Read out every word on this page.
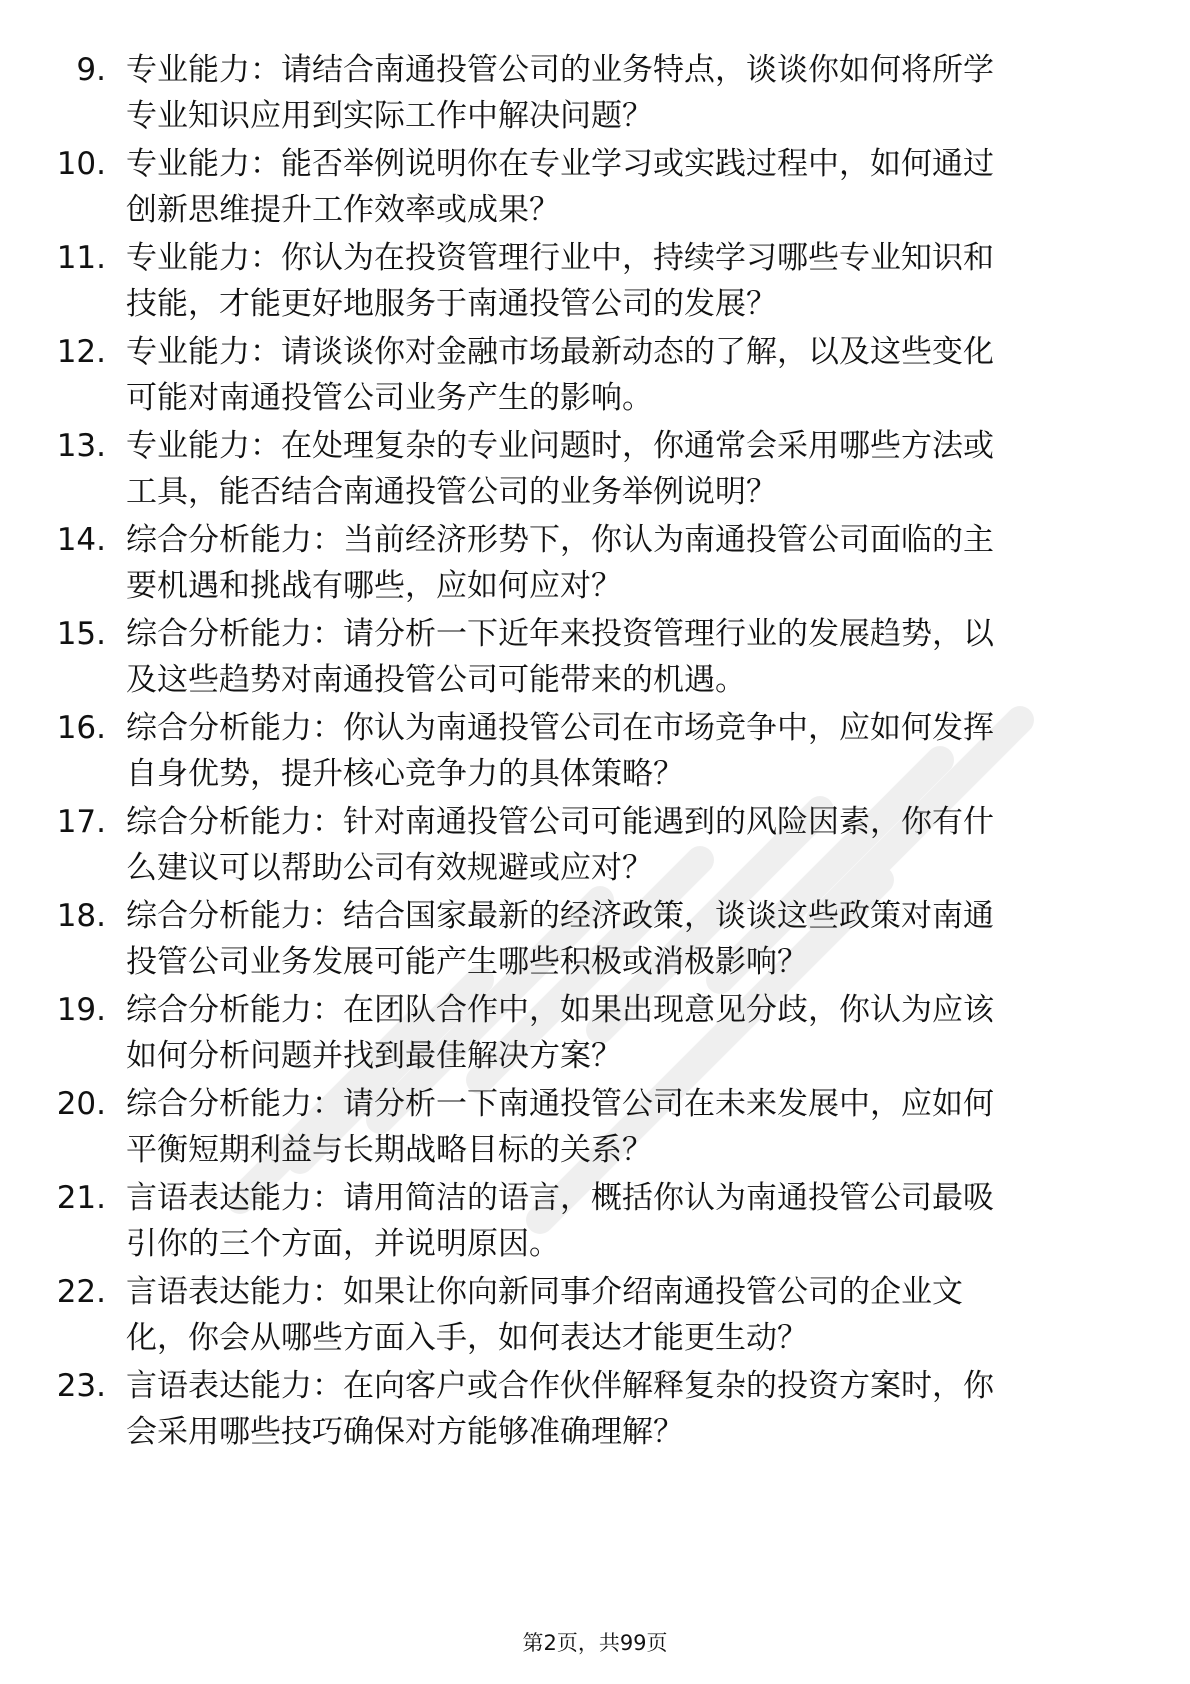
9. 专业能力：请结合南通投管公司的业务特点，谈谈你如何将所学
专业知识应用到实际工作中解决问题？
10. 专业能力：能否举例说明你在专业学习或实践过程中，如何通过
创新思维提升工作效率或成果？
11. 专业能力：你认为在投资管理行业中，持续学习哪些专业知识和
技能，才能更好地服务于南通投管公司的发展？
12. 专业能力：请谈谈你对金融市场最新动态的了解，以及这些变化
可能对南通投管公司业务产生的影响。
13. 专业能力：在处理复杂的专业问题时，你通常会采用哪些方法或
工具，能否结合南通投管公司的业务举例说明？
14. 综合分析能力：当前经济形势下，你认为南通投管公司面临的主
要机遇和挑战有哪些，应如何应对？
15. 综合分析能力：请分析一下近年来投资管理行业的发展趋势，以
及这些趋势对南通投管公司可能带来的机遇。
16. 综合分析能力：你认为南通投管公司在市场竞争中，应如何发挥
自身优势，提升核心竞争力的具体策略？
17. 综合分析能力：针对南通投管公司可能遇到的风险因素，你有什
么建议可以帮助公司有效规避或应对？
18. 综合分析能力：结合国家最新的经济政策，谈谈这些政策对南通
投管公司业务发展可能产生哪些积极或消极影响？
19. 综合分析能力：在团队合作中，如果出现意见分歧，你认为应该
如何分析问题并找到最佳解决方案？
20. 综合分析能力：请分析一下南通投管公司在未来发展中，应如何
平衡短期利益与长期战略目标的关系？
21. 言语表达能力：请用简洁的语言，概括你认为南通投管公司最吸
引你的三个方面，并说明原因。
22. 言语表达能力：如果让你向新同事介绍南通投管公司的企业文
化，你会从哪些方面入手，如何表达才能更生动？
23. 言语表达能力：在向客户或合作伙伴解释复杂的投资方案时，你
会采用哪些技巧确保对方能够准确理解？
第2页，共99页
